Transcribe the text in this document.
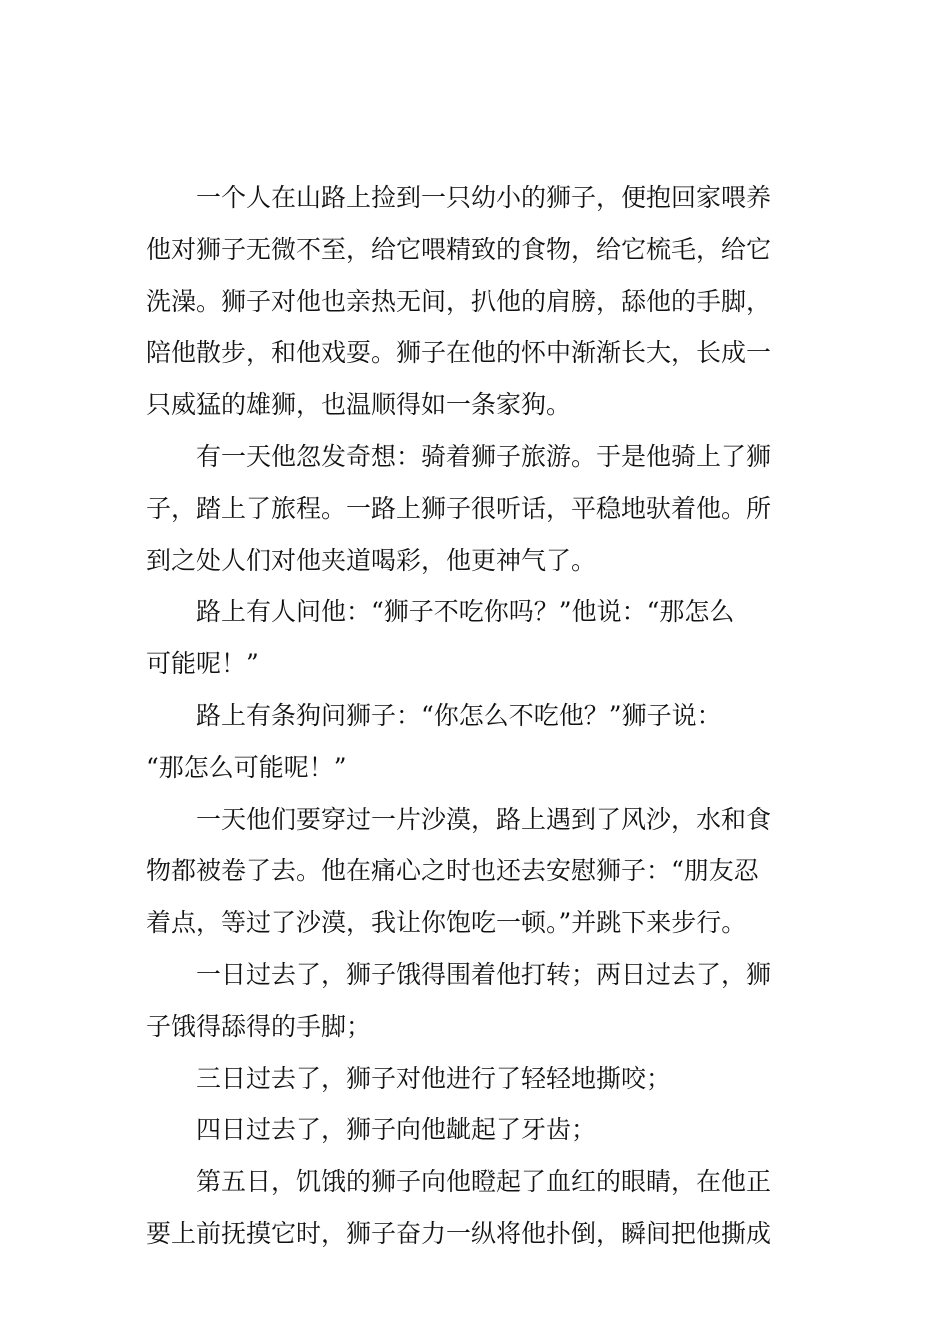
　　一个人在山路上捡到一只幼小的狮子，便抱回家喂养
他对狮子无微不至，给它喂精致的食物，给它梳毛，给它
洗澡。狮子对他也亲热无间，扒他的肩膀，舔他的手脚，
陪他散步，和他戏耍。狮子在他的怀中渐渐长大，长成一
只威猛的雄狮，也温顺得如一条家狗。
　　有一天他忽发奇想：骑着狮子旅游。于是他骑上了狮
子，踏上了旅程。一路上狮子很听话，平稳地驮着他。所
到之处人们对他夹道喝彩，他更神气了。
　　路上有人问他：“狮子不吃你吗？”他说：“那怎么
可能呢！”
　　路上有条狗问狮子：“你怎么不吃他？”狮子说：
“那怎么可能呢！”
　　一天他们要穿过一片沙漠，路上遇到了风沙，水和食
物都被卷了去。他在痛心之时也还去安慰狮子：“朋友忍
着点，等过了沙漠，我让你饱吃一顿。”并跳下来步行。
　　一日过去了，狮子饿得围着他打转；两日过去了，狮
子饿得舔得的手脚；
　　三日过去了，狮子对他进行了轻轻地撕咬；
　　四日过去了，狮子向他龇起了牙齿；
　　第五日，饥饿的狮子向他瞪起了血红的眼睛，在他正
要上前抚摸它时，狮子奋力一纵将他扑倒，瞬间把他撕成
